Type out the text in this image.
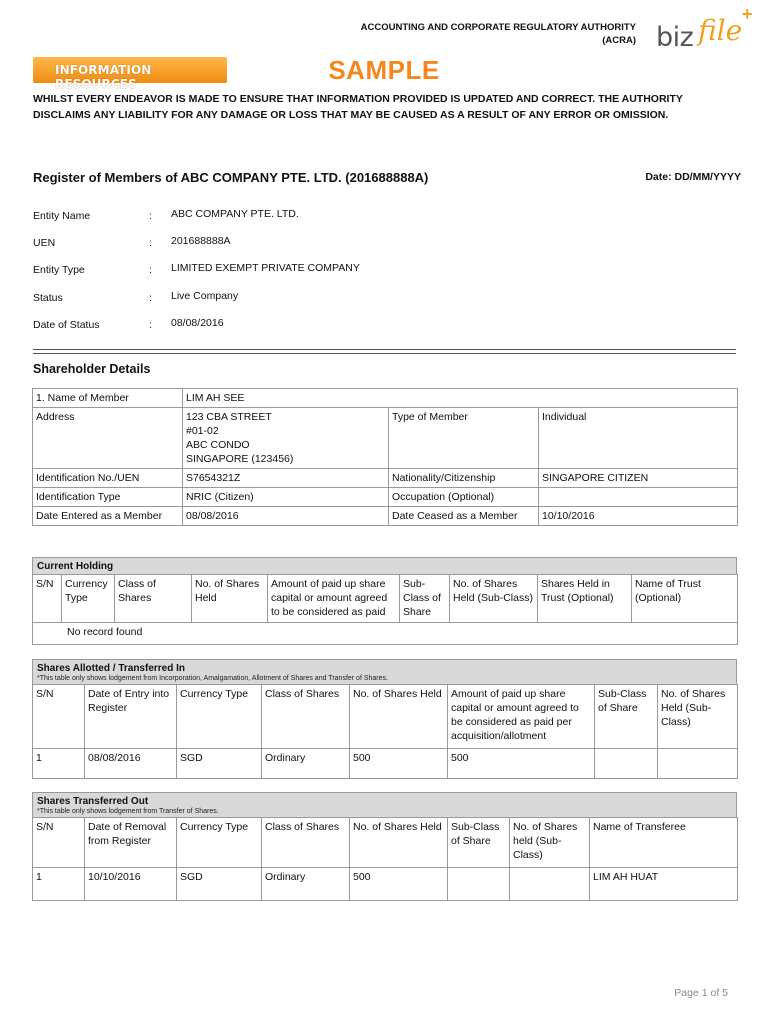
ACCOUNTING AND CORPORATE REGULATORY AUTHORITY
(ACRA) biz file +
INFORMATION RESOURCES	SAMPLE
WHILST EVERY ENDEAVOR IS MADE TO ENSURE THAT INFORMATION PROVIDED IS UPDATED AND CORRECT. THE AUTHORITY
DISCLAIMS ANY LIABILITY FOR ANY DAMAGE OR LOSS THAT MAY BE CAUSED AS A RESULT OF ANY ERROR OR OMISSION.
Register of Members of ABC COMPANY PTE. LTD. (201688888A)	Date: DD/MM/YYYY
Entity Name	: ABC COMPANY PTE. LTD.
UEN	: 201688888A
Entity Type	: LIMITED EXEMPT PRIVATE COMPANY
Status	: Live Company
Date of Status	: 08/08/2016
Shareholder Details
1. Name of Member	LIM AH SEE		
Address	123 CBA STREET
#01-02
ABC CONDO
SINGAPORE (123456)	Type of Member	Individual
Identification No./UEN	S7654321Z	Nationality/Citizenship	SINGAPORE CITIZEN
Identification Type	NRIC (Citizen)	Occupation (Optional)	
Date Entered as a Member	08/08/2016	Date Ceased as a Member	10/10/2016
Current Holding
S/N	Currency Type	Class of Shares	No. of Shares Held	Amount of paid up share capital or amount agreed to be considered as paid	Sub-Class of Share	No. of Shares Held (Sub-Class)	Shares Held in Trust (Optional)	Name of Trust (Optional)
No record found
Shares Allotted / Transferred In
*This table only shows lodgement from Incorporation, Amalgamation, Allotment of Shares and Transfer of Shares.
S/N	Date of Entry into Register	Currency Type	Class of Shares	No. of Shares Held	Amount of paid up share capital or amount agreed to be considered as paid per acquisition/allotment	Sub-Class of Share	No. of Shares Held (Sub-Class)
1	08/08/2016	SGD	Ordinary	500	500		
Shares Transferred Out
*This table only shows lodgement from Transfer of Shares.
S/N	Date of Removal from Register	Currency Type	Class of Shares	No. of Shares Held	Sub-Class of Share	No. of Shares held (Sub-Class)	Name of Transferee
1	10/10/2016	SGD	Ordinary	500			LIM AH HUAT
Page 1 of 5
